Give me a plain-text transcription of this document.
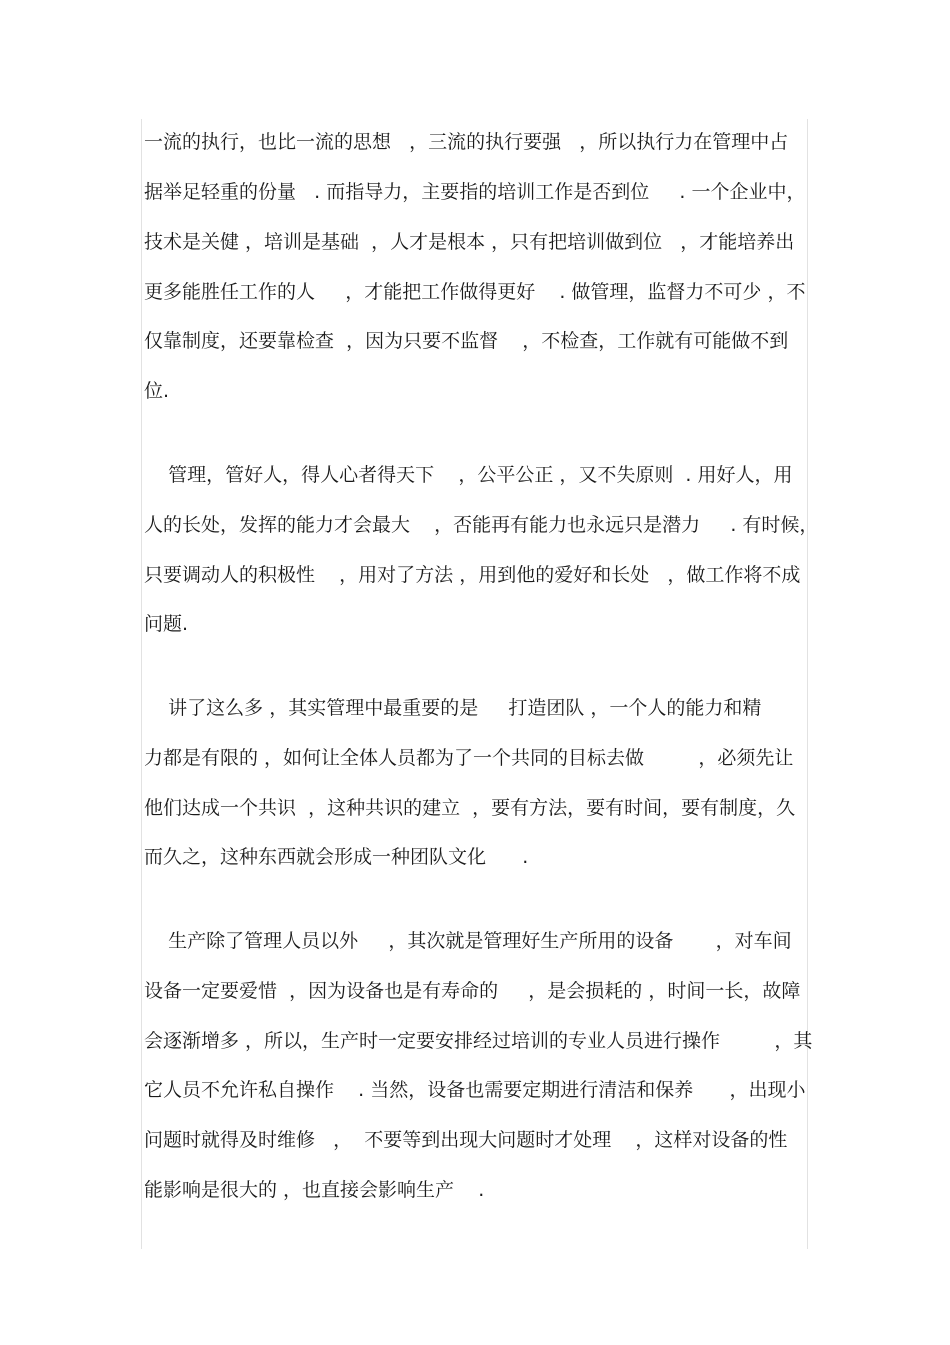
一流的执行，也比一流的思想   ，三流的执行要强   ，所以执行力在管理中占
据举足轻重的份量   . 而指导力，主要指的培训工作是否到位     . 一个企业中，
技术是关健 ，培训是基础  ，人才是根本 ，只有把培训做到位   ，才能培养出
更多能胜任工作的人     ，才能把工作做得更好    . 做管理，监督力不可少 ，不
仅靠制度，还要靠检查  ，因为只要不监督    ，不检查，工作就有可能做不到
位.
管理，管好人，得人心者得天下    ，公平公正 ，又不失原则  . 用好人，用
人的长处，发挥的能力才会最大    ，否能再有能力也永远只是潜力     . 有时候，
只要调动人的积极性    ，用对了方法 ，用到他的爱好和长处   ，做工作将不成
问题.
讲了这么多 ，其实管理中最重要的是     打造团队 ，一个人的能力和精
力都是有限的 ，如何让全体人员都为了一个共同的目标去做         ，必须先让
他们达成一个共识  ，这种共识的建立  ，要有方法，要有时间，要有制度，久
而久之，这种东西就会形成一种团队文化      .
生产除了管理人员以外     ，其次就是管理好生产所用的设备       ，对车间
设备一定要爱惜  ，因为设备也是有寿命的     ，是会损耗的 ，时间一长，故障
会逐渐增多 ，所以，生产时一定要安排经过培训的专业人员进行操作         ，其
它人员不允许私自操作    . 当然，设备也需要定期进行清洁和保养      ，出现小
问题时就得及时维修   ，  不要等到出现大问题时才处理    ，这样对设备的性
能影响是很大的 ，也直接会影响生产    .
